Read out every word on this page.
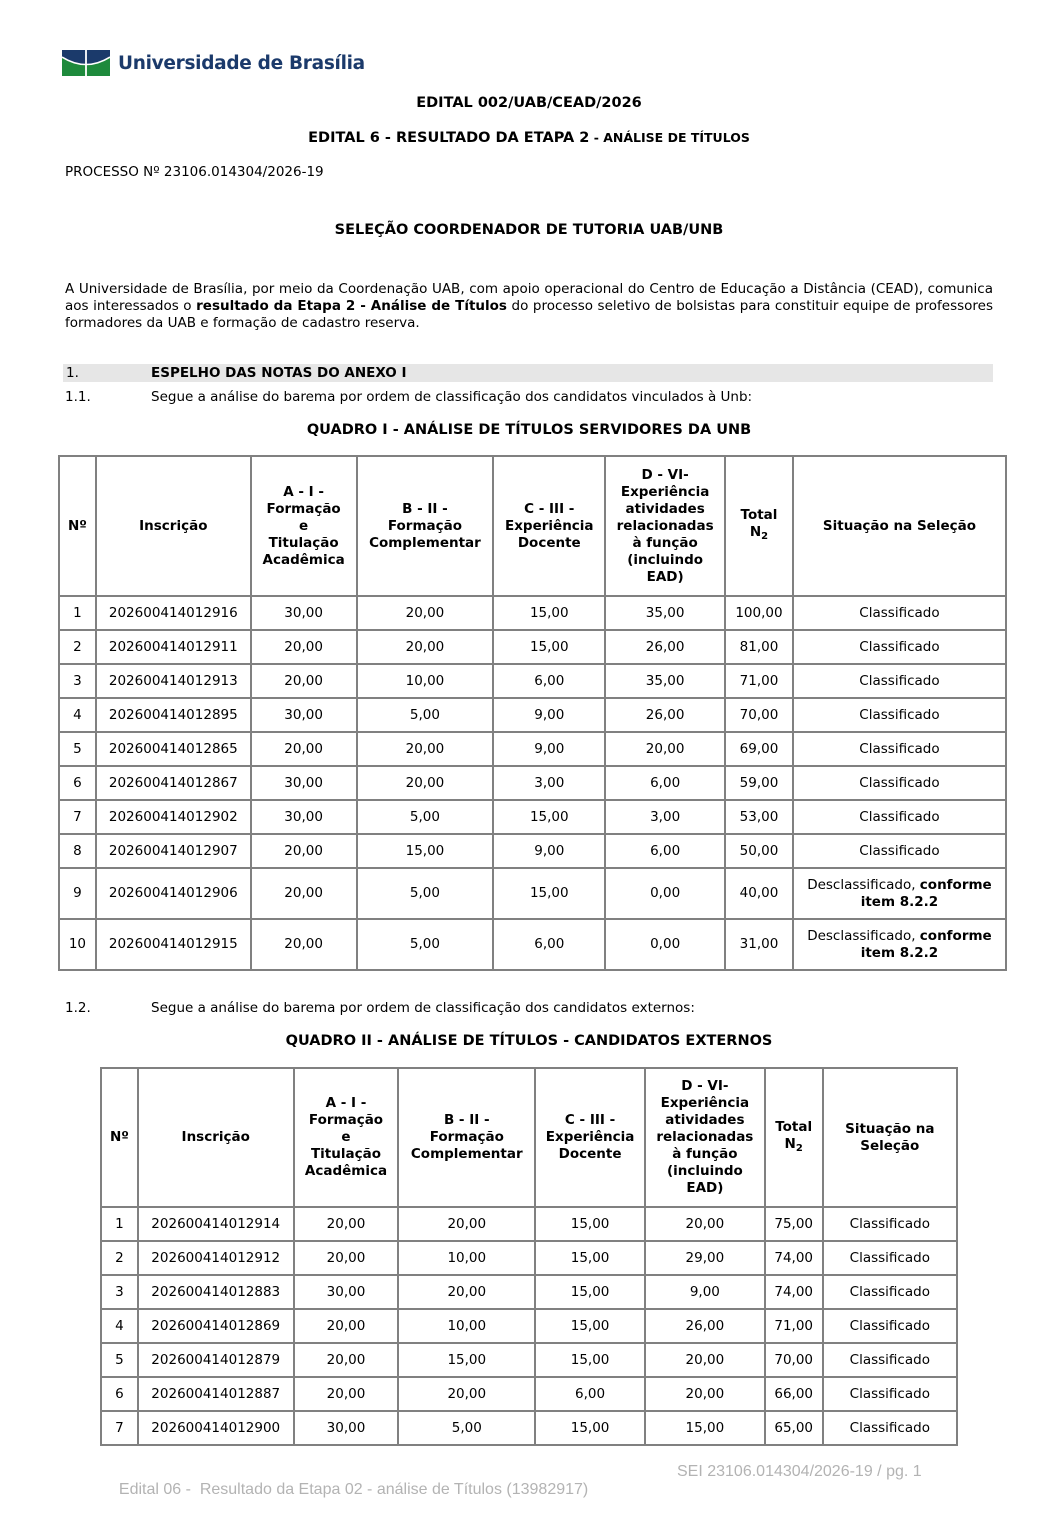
Universidade de Brasília
EDITAL 002/UAB/CEAD/2026
EDITAL 6 - RESULTADO DA ETAPA 2 - ANÁLISE DE TÍTULOS
PROCESSO Nº 23106.014304/2026-19
SELEÇÃO COORDENADOR DE TUTORIA UAB/UNB
A Universidade de Brasília, por meio da Coordenação UAB, com apoio operacional do Centro de Educação a Distância (CEAD), comunica aos interessados o resultado da Etapa 2 - Análise de Títulos do processo seletivo de bolsistas para constituir equipe de professores formadores da UAB e formação de cadastro reserva.
1.	ESPELHO DAS NOTAS DO ANEXO I
1.1.	Segue a análise do barema por ordem de classificação dos candidatos vinculados à Unb:
QUADRO I - ANÁLISE DE TÍTULOS SERVIDORES DA UNB
Nº	Inscrição	A - I -
Formação
e
Titulação
Acadêmica	B - II -
Formação
Complementar	C - III -
Experiência
Docente	D - VI-
Experiência
atividades
relacionadas
à função
(incluindo
EAD)	Total
$N_2$	Situação na Seleção
1	202600414012916	30,00	20,00	15,00	35,00	100,00	Classificado
2	202600414012911	20,00	20,00	15,00	26,00	81,00	Classificado
3	202600414012913	20,00	10,00	6,00	35,00	71,00	Classificado
4	202600414012895	30,00	5,00	9,00	26,00	70,00	Classificado
5	202600414012865	20,00	20,00	9,00	20,00	69,00	Classificado
6	202600414012867	30,00	20,00	3,00	6,00	59,00	Classificado
7	202600414012902	30,00	5,00	15,00	3,00	53,00	Classificado
8	202600414012907	20,00	15,00	9,00	6,00	50,00	Classificado
9	202600414012906	20,00	5,00	15,00	0,00	40,00	Desclassificado, conforme item 8.2.2
10	202600414012915	20,00	5,00	6,00	0,00	31,00	Desclassificado, conforme item 8.2.2
1.2.	Segue a análise do barema por ordem de classificação dos candidatos externos:
QUADRO II - ANÁLISE DE TÍTULOS - CANDIDATOS EXTERNOS
Nº	Inscrição	A - I -
Formação
e
Titulação
Acadêmica	B - II -
Formação
Complementar	C - III -
Experiência
Docente	D - VI-
Experiência
atividades
relacionadas
à função
(incluindo
EAD)	Total
$N_2$	Situação na
Seleção
1	202600414012914	20,00	20,00	15,00	20,00	75,00	Classificado
2	202600414012912	20,00	10,00	15,00	29,00	74,00	Classificado
3	202600414012883	30,00	20,00	15,00	9,00	74,00	Classificado
4	202600414012869	20,00	10,00	15,00	26,00	71,00	Classificado
5	202600414012879	20,00	15,00	15,00	20,00	70,00	Classificado
6	202600414012887	20,00	20,00	6,00	20,00	66,00	Classificado
7	202600414012900	30,00	5,00	15,00	15,00	65,00	Classificado

Edital 06 -  Resultado da Etapa 02 - análise de Títulos (13982917)

SEI 23106.014304/2026-19 / pg. 1
